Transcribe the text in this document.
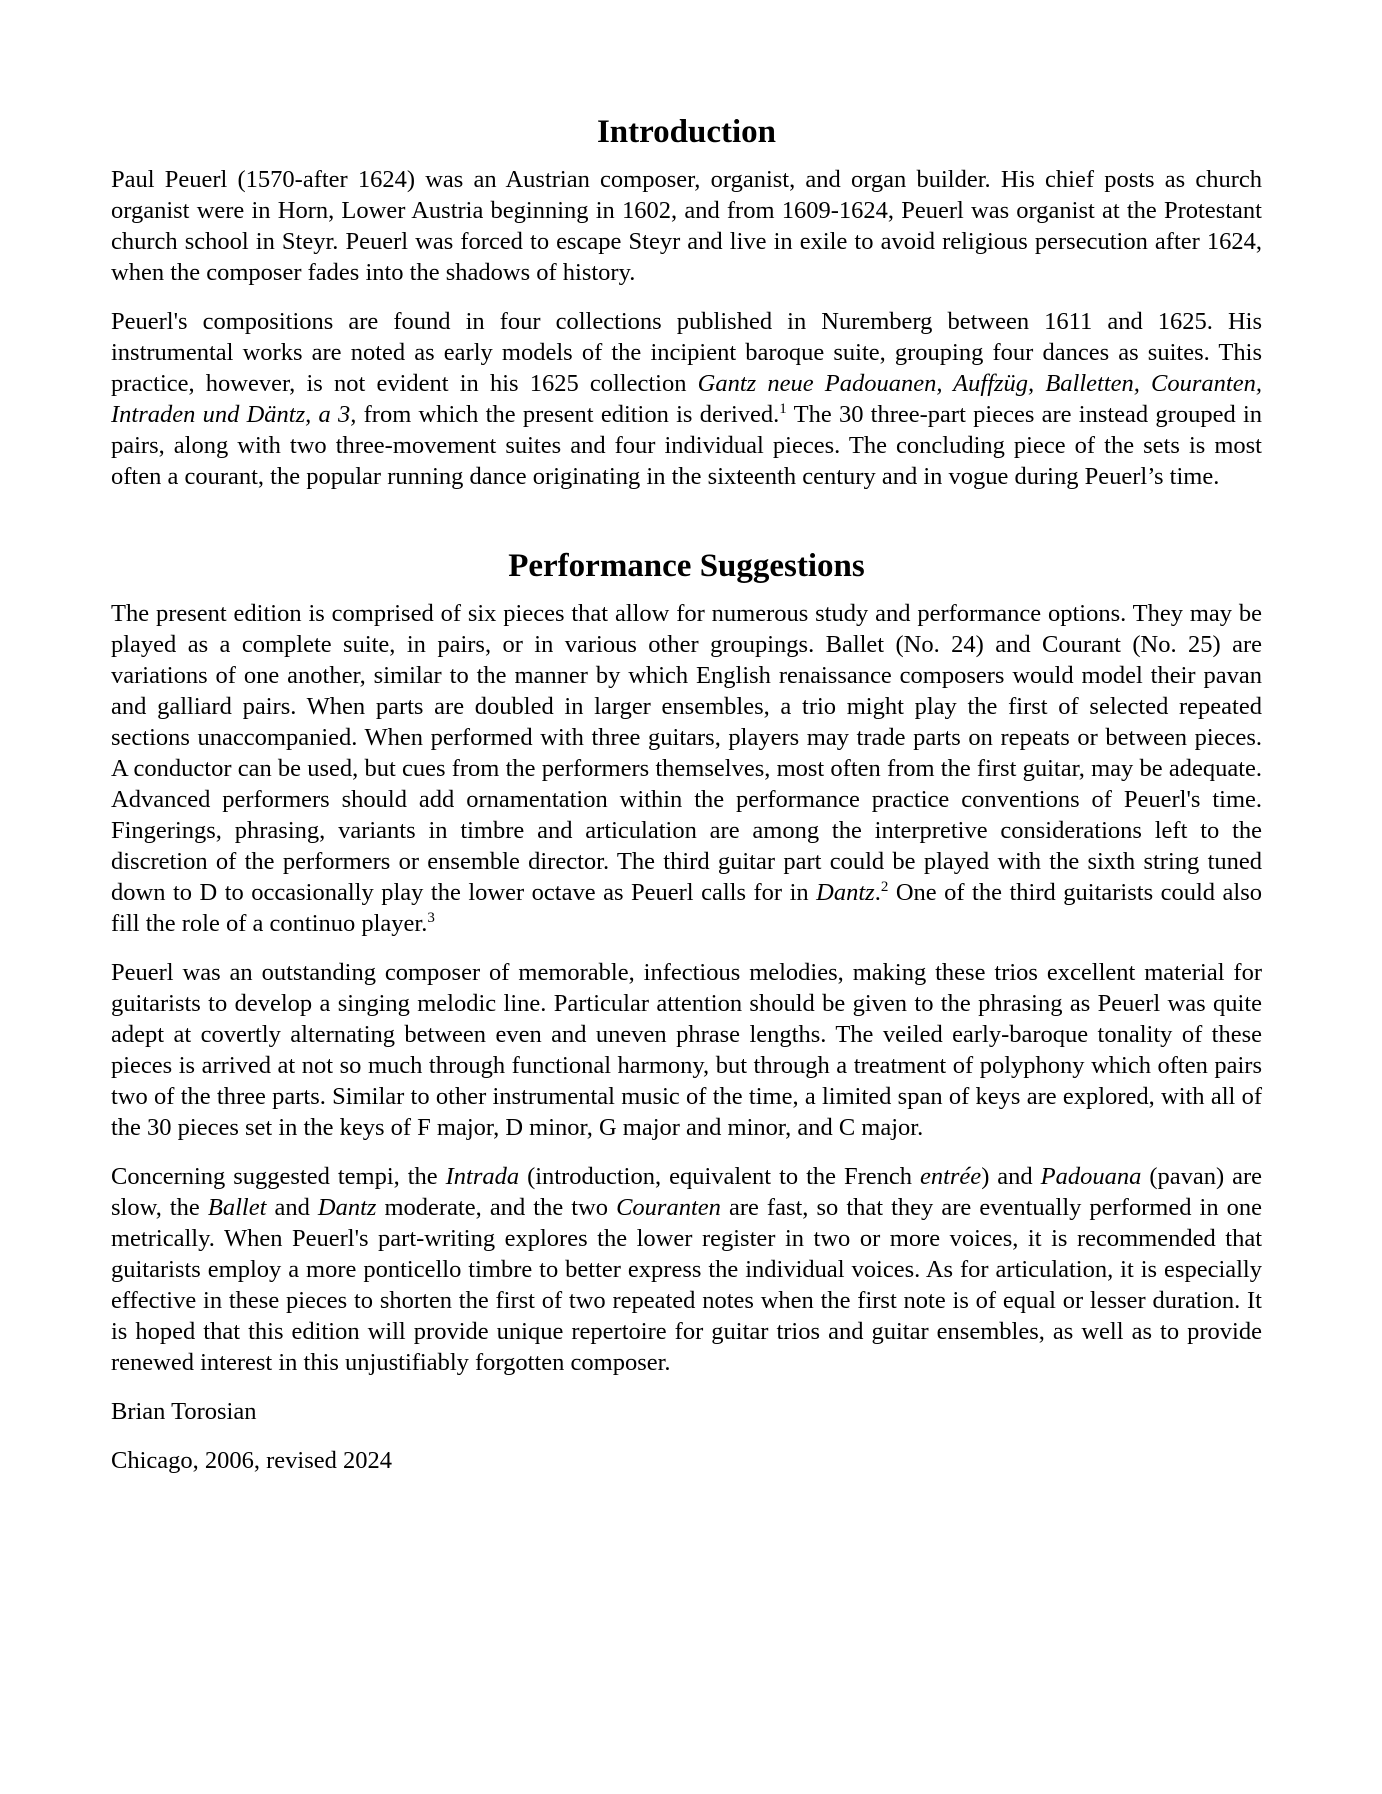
Introduction

Paul Peuerl (1570-after 1624) was an Austrian composer, organist, and organ builder. His chief posts as church organist were in Horn, Lower Austria beginning in 1602, and from 1609-1624, Peuerl was organist at the Protestant church school in Steyr. Peuerl was forced to escape Steyr and live in exile to avoid religious persecution after 1624, when the composer fades into the shadows of history.

Peuerl's compositions are found in four collections published in Nuremberg between 1611 and 1625. His instrumental works are noted as early models of the incipient baroque suite, grouping four dances as suites. This practice, however, is not evident in his 1625 collection Gantz neue Padouanen, Auffzüg, Balletten, Couranten, Intraden und Däntz, a 3, from which the present edition is derived.$^1$ The 30 three-part pieces are instead grouped in pairs, along with two three-movement suites and four individual pieces. The concluding piece of the sets is most often a courant, the popular running dance originating in the sixteenth century and in vogue during Peuerl’s time.

Performance Suggestions

The present edition is comprised of six pieces that allow for numerous study and performance options. They may be played as a complete suite, in pairs, or in various other groupings. Ballet (No. 24) and Courant (No. 25) are variations of one another, similar to the manner by which English renaissance composers would model their pavan and galliard pairs. When parts are doubled in larger ensembles, a trio might play the first of selected repeated sections unaccompanied. When performed with three guitars, players may trade parts on repeats or between pieces. A conductor can be used, but cues from the performers themselves, most often from the first guitar, may be adequate. Advanced performers should add ornamentation within the performance practice conventions of Peuerl's time. Fingerings, phrasing, variants in timbre and articulation are among the interpretive considerations left to the discretion of the performers or ensemble director. The third guitar part could be played with the sixth string tuned down to D to occasionally play the lower octave as Peuerl calls for in Dantz.$^2$ One of the third guitarists could also fill the role of a continuo player.$^3$

Peuerl was an outstanding composer of memorable, infectious melodies, making these trios excellent material for guitarists to develop a singing melodic line. Particular attention should be given to the phrasing as Peuerl was quite adept at covertly alternating between even and uneven phrase lengths. The veiled early-baroque tonality of these pieces is arrived at not so much through functional harmony, but through a treatment of polyphony which often pairs two of the three parts. Similar to other instrumental music of the time, a limited span of keys are explored, with all of the 30 pieces set in the keys of F major, D minor, G major and minor, and C major.

Concerning suggested tempi, the Intrada (introduction, equivalent to the French entrée) and Padouana (pavan) are slow, the Ballet and Dantz moderate, and the two Couranten are fast, so that they are eventually performed in one metrically. When Peuerl's part-writing explores the lower register in two or more voices, it is recommended that guitarists employ a more ponticello timbre to better express the individual voices. As for articulation, it is especially effective in these pieces to shorten the first of two repeated notes when the first note is of equal or lesser duration. It is hoped that this edition will provide unique repertoire for guitar trios and guitar ensembles, as well as to provide renewed interest in this unjustifiably forgotten composer.

Brian Torosian

Chicago, 2006, revised 2024
